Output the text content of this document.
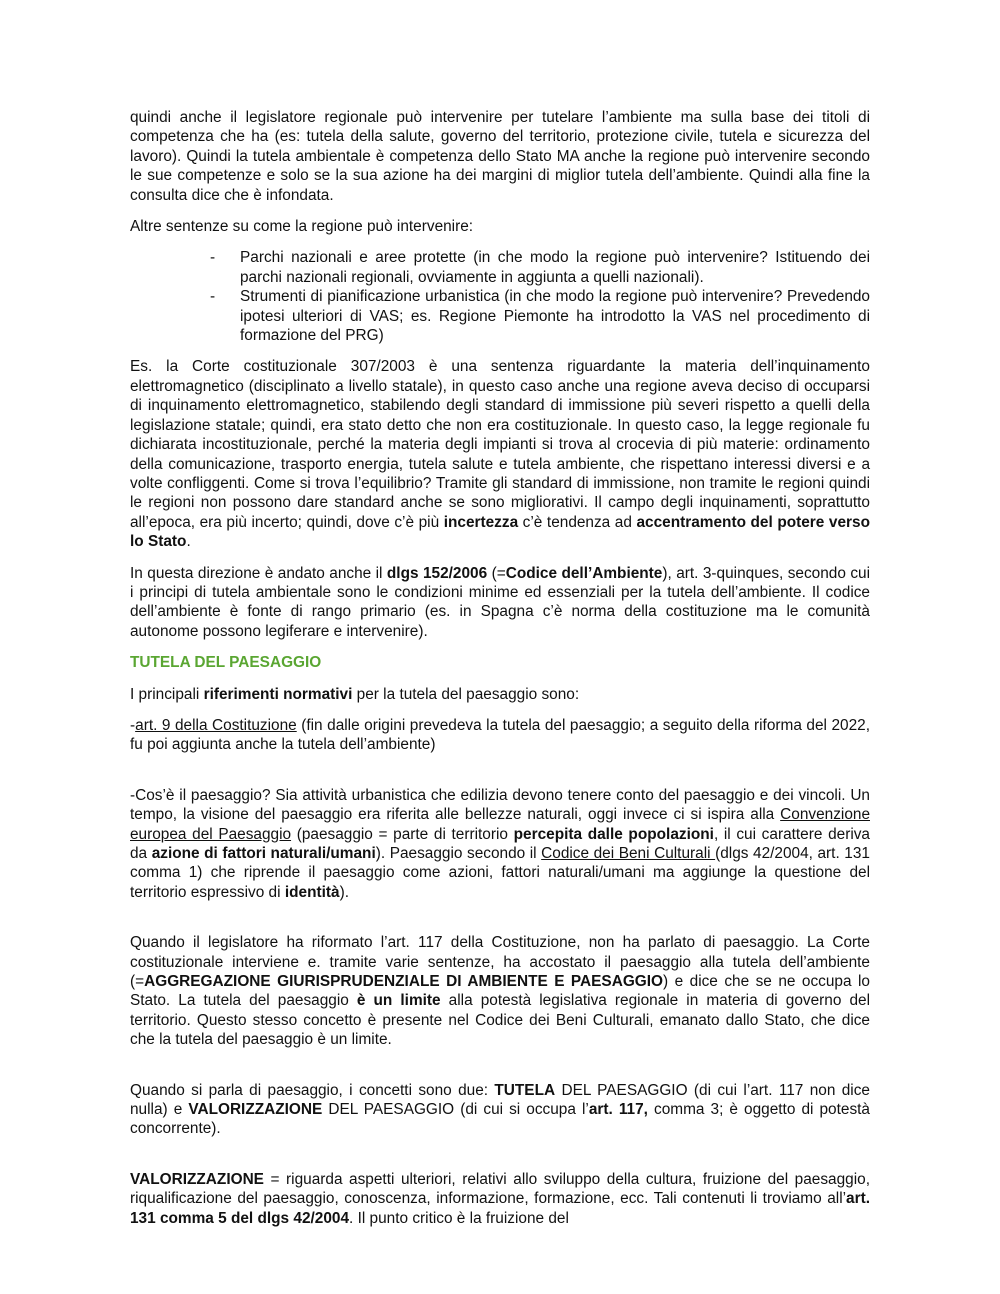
quindi anche il legislatore regionale può intervenire per tutelare l’ambiente ma sulla base dei titoli di competenza che ha (es: tutela della salute, governo del territorio, protezione civile, tutela e sicurezza del lavoro). Quindi la tutela ambientale è competenza dello Stato MA anche la regione può intervenire secondo le sue competenze e solo se la sua azione ha dei margini di miglior tutela dell’ambiente. Quindi alla fine la consulta dice che è infondata.

Altre sentenze su come la regione può intervenire:

- Parchi nazionali e aree protette (in che modo la regione può intervenire? Istituendo dei parchi nazionali regionali, ovviamente in aggiunta a quelli nazionali).
- Strumenti di pianificazione urbanistica (in che modo la regione può intervenire? Prevedendo ipotesi ulteriori di VAS; es. Regione Piemonte ha introdotto la VAS nel procedimento di formazione del PRG)

Es. la Corte costituzionale 307/2003 è una sentenza riguardante la materia dell’inquinamento elettromagnetico (disciplinato a livello statale), in questo caso anche una regione aveva deciso di occuparsi di inquinamento elettromagnetico, stabilendo degli standard di immissione più severi rispetto a quelli della legislazione statale; quindi, era stato detto che non era costituzionale. In questo caso, la legge regionale fu dichiarata incostituzionale, perché la materia degli impianti si trova al crocevia di più materie: ordinamento della comunicazione, trasporto energia, tutela salute e tutela ambiente, che rispettano interessi diversi e a volte confliggenti. Come si trova l’equilibrio? Tramite gli standard di immissione, non tramite le regioni quindi le regioni non possono dare standard anche se sono migliorativi. Il campo degli inquinamenti, soprattutto all’epoca, era più incerto; quindi, dove c’è più incertezza c’è tendenza ad accentramento del potere verso lo Stato.

In questa direzione è andato anche il dlgs 152/2006 (=Codice dell’Ambiente), art. 3-quinques, secondo cui i principi di tutela ambientale sono le condizioni minime ed essenziali per la tutela dell’ambiente. Il codice dell’ambiente è fonte di rango primario (es. in Spagna c’è norma della costituzione ma le comunità autonome possono legiferare e intervenire).

TUTELA DEL PAESAGGIO

I principali riferimenti normativi per la tutela del paesaggio sono:

-art. 9 della Costituzione (fin dalle origini prevedeva la tutela del paesaggio; a seguito della riforma del 2022, fu poi aggiunta anche la tutela dell’ambiente)

-Cos’è il paesaggio? Sia attività urbanistica che edilizia devono tenere conto del paesaggio e dei vincoli. Un tempo, la visione del paesaggio era riferita alle bellezze naturali, oggi invece ci si ispira alla Convenzione europea del Paesaggio (paesaggio = parte di territorio percepita dalle popolazioni, il cui carattere deriva da azione di fattori naturali/umani). Paesaggio secondo il Codice dei Beni Culturali (dlgs 42/2004, art. 131 comma 1) che riprende il paesaggio come azioni, fattori naturali/umani ma aggiunge la questione del territorio espressivo di identità).

Quando il legislatore ha riformato l’art. 117 della Costituzione, non ha parlato di paesaggio. La Corte costituzionale interviene e. tramite varie sentenze, ha accostato il paesaggio alla tutela dell’ambiente (=AGGREGAZIONE GIURISPRUDENZIALE DI AMBIENTE E PAESAGGIO) e dice che se ne occupa lo Stato. La tutela del paesaggio è un limite alla potestà legislativa regionale in materia di governo del territorio. Questo stesso concetto è presente nel Codice dei Beni Culturali, emanato dallo Stato, che dice che la tutela del paesaggio è un limite.

Quando si parla di paesaggio, i concetti sono due: TUTELA DEL PAESAGGIO (di cui l’art. 117 non dice nulla) e VALORIZZAZIONE DEL PAESAGGIO (di cui si occupa l’art. 117, comma 3; è oggetto di potestà concorrente).

VALORIZZAZIONE = riguarda aspetti ulteriori, relativi allo sviluppo della cultura, fruizione del paesaggio, riqualificazione del paesaggio, conoscenza, informazione, formazione, ecc. Tali contenuti li troviamo all’art. 131 comma 5 del dlgs 42/2004. Il punto critico è la fruizione del
